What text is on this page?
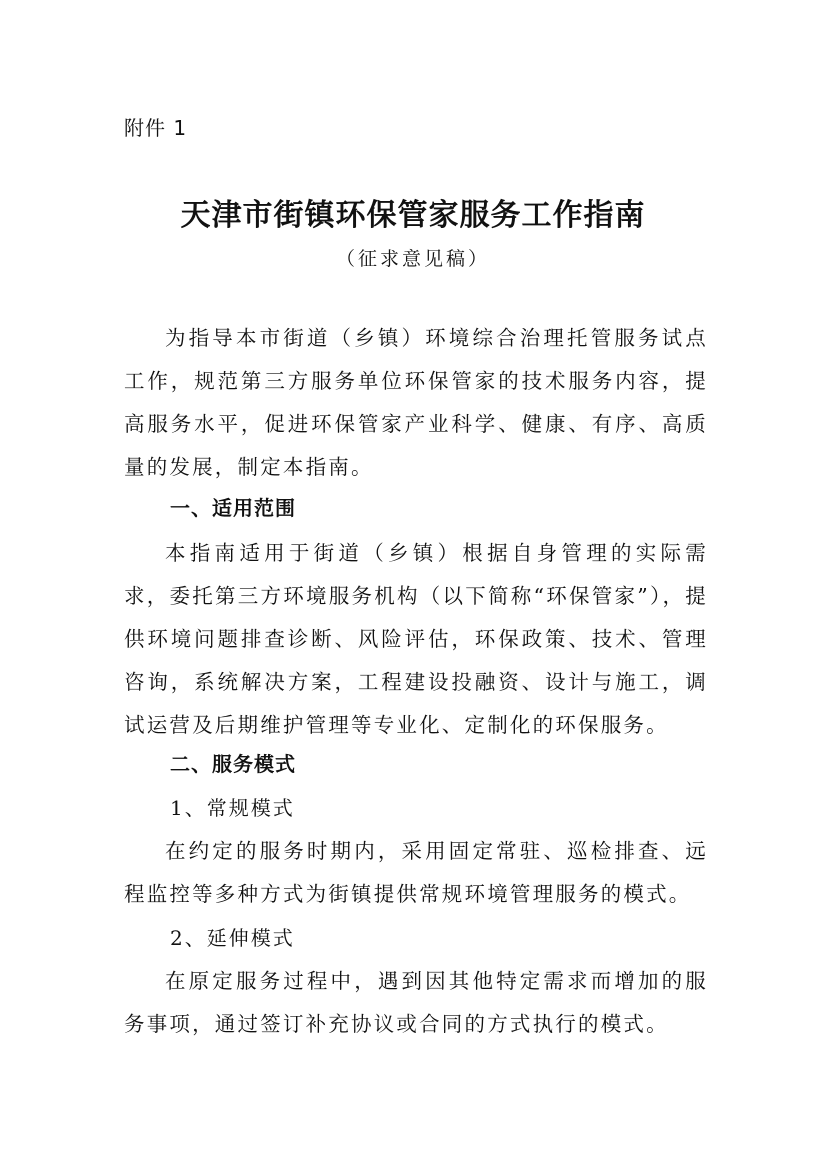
附件 1
天津市街镇环保管家服务工作指南
（征求意见稿）

为指导本市街道（乡镇）环境综合治理托管服务试点工作，规范第三方服务单位环保管家的技术服务内容，提高服务水平，促进环保管家产业科学、健康、有序、高质量的发展，制定本指南。

一、适用范围

本指南适用于街道（乡镇）根据自身管理的实际需求，委托第三方环境服务机构（以下简称“环保管家”），提供环境问题排查诊断、风险评估，环保政策、技术、管理咨询，系统解决方案，工程建设投融资、设计与施工，调试运营及后期维护管理等专业化、定制化的环保服务。

二、服务模式
1、常规模式

在约定的服务时期内，采用固定常驻、巡检排查、远程监控等多种方式为街镇提供常规环境管理服务的模式。

2、延伸模式

在原定服务过程中，遇到因其他特定需求而增加的服务事项，通过签订补充协议或合同的方式执行的模式。
